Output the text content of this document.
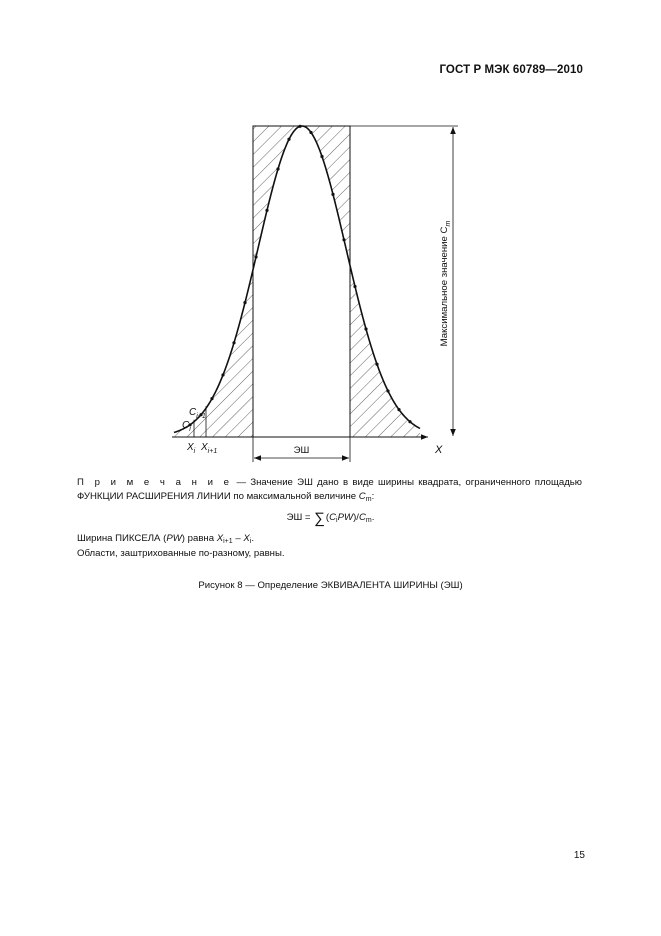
ГОСТ Р МЭК 60789—2010
X
Максимальное значение Cm
ЭШ
Ci
Ci+1
Xi Xi+1
П р и м е ч а н и е — Значение ЭШ дано в виде ширины квадрата, ограниченного площадью ФУНКЦИИ РАСШИРЕНИЯ ЛИНИИ по максимальной величине $C_m$:
ЭШ = $\sum(C_iPW)/C_m$.
Ширина ПИКСЕЛА (PW) равна $X_{i+1} - X_i$.
Области, заштрихованные по-разному, равны.
Рисунок 8 — Определение ЭКВИВАЛЕНТА ШИРИНЫ (ЭШ)
15
